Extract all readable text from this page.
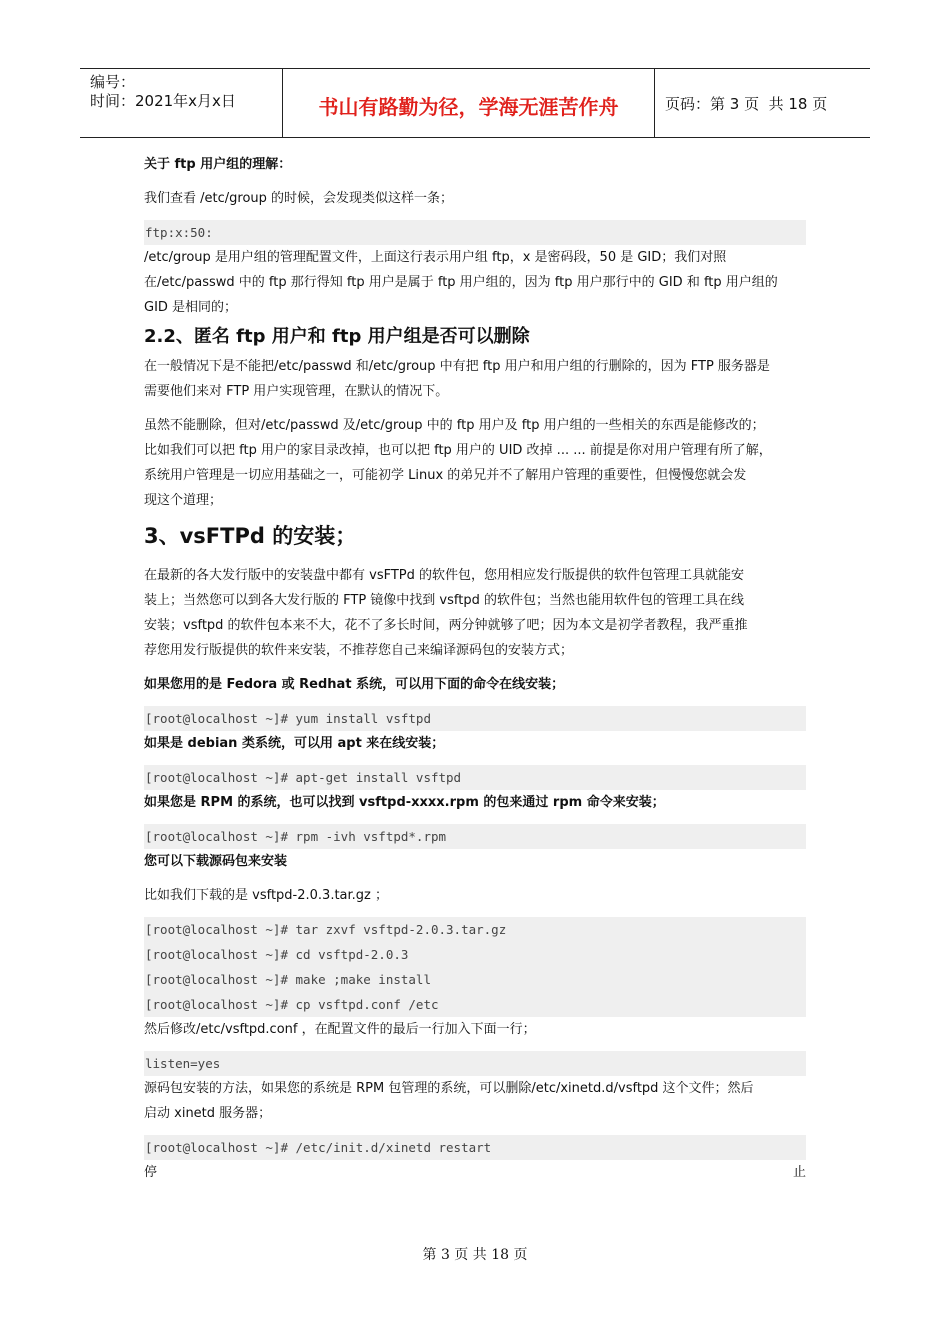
编号：
时间：2021年x月x日	书山有路勤为径，学海无涯苦作舟	页码：第 3 页  共 18 页

关于 ftp 用户组的理解：

我们查看 /etc/group 的时候，会发现类似这样一条；

ftp:x:50:

/etc/group 是用户组的管理配置文件，上面这行表示用户组 ftp，x 是密码段，50 是 GID；我们对照

在/etc/passwd 中的 ftp 那行得知 ftp 用户是属于 ftp 用户组的，因为 ftp 用户那行中的 GID 和 ftp 用户组的

GID 是相同的；

2.2、匿名 ftp 用户和 ftp 用户组是否可以删除

在一般情况下是不能把/etc/passwd 和/etc/group 中有把 ftp 用户和用户组的行删除的，因为 FTP 服务器是

需要他们来对 FTP 用户实现管理，在默认的情况下。

虽然不能删除，但对/etc/passwd 及/etc/group 中的 ftp 用户及 ftp 用户组的一些相关的东西是能修改的；

比如我们可以把 ftp 用户的家目录改掉，也可以把 ftp 用户的 UID 改掉 ... ... 前提是你对用户管理有所了解，

系统用户管理是一切应用基础之一，可能初学 Linux 的弟兄并不了解用户管理的重要性，但慢慢您就会发

现这个道理；

3、vsFTPd 的安装；

在最新的各大发行版中的安装盘中都有 vsFTPd 的软件包，您用相应发行版提供的软件包管理工具就能安

装上；当然您可以到各大发行版的 FTP 镜像中找到 vsftpd 的软件包；当然也能用软件包的管理工具在线

安装；vsftpd 的软件包本来不大，花不了多长时间，两分钟就够了吧；因为本文是初学者教程，我严重推

荐您用发行版提供的软件来安装，不推荐您自己来编译源码包的安装方式；

如果您用的是 Fedora 或 Redhat 系统，可以用下面的命令在线安装；

[root@localhost ~]# yum install vsftpd

如果是 debian 类系统，可以用 apt 来在线安装；

[root@localhost ~]# apt-get install vsftpd

如果您是 RPM 的系统，也可以找到 vsftpd-xxxx.rpm 的包来通过 rpm 命令来安装；

[root@localhost ~]# rpm -ivh vsftpd*.rpm

您可以下载源码包来安装

比如我们下载的是 vsftpd-2.0.3.tar.gz ；

[root@localhost ~]# tar zxvf vsftpd-2.0.3.tar.gz
[root@localhost ~]# cd vsftpd-2.0.3
[root@localhost ~]# make ;make install
[root@localhost ~]# cp vsftpd.conf /etc

然后修改/etc/vsftpd.conf ，在配置文件的最后一行加入下面一行；

listen=yes

源码包安装的方法，如果您的系统是 RPM 包管理的系统，可以删除/etc/xinetd.d/vsftpd 这个文件；然后

启动 xinetd 服务器；

[root@localhost ~]# /etc/init.d/xinetd restart

停	止

第 3 页 共 18 页
